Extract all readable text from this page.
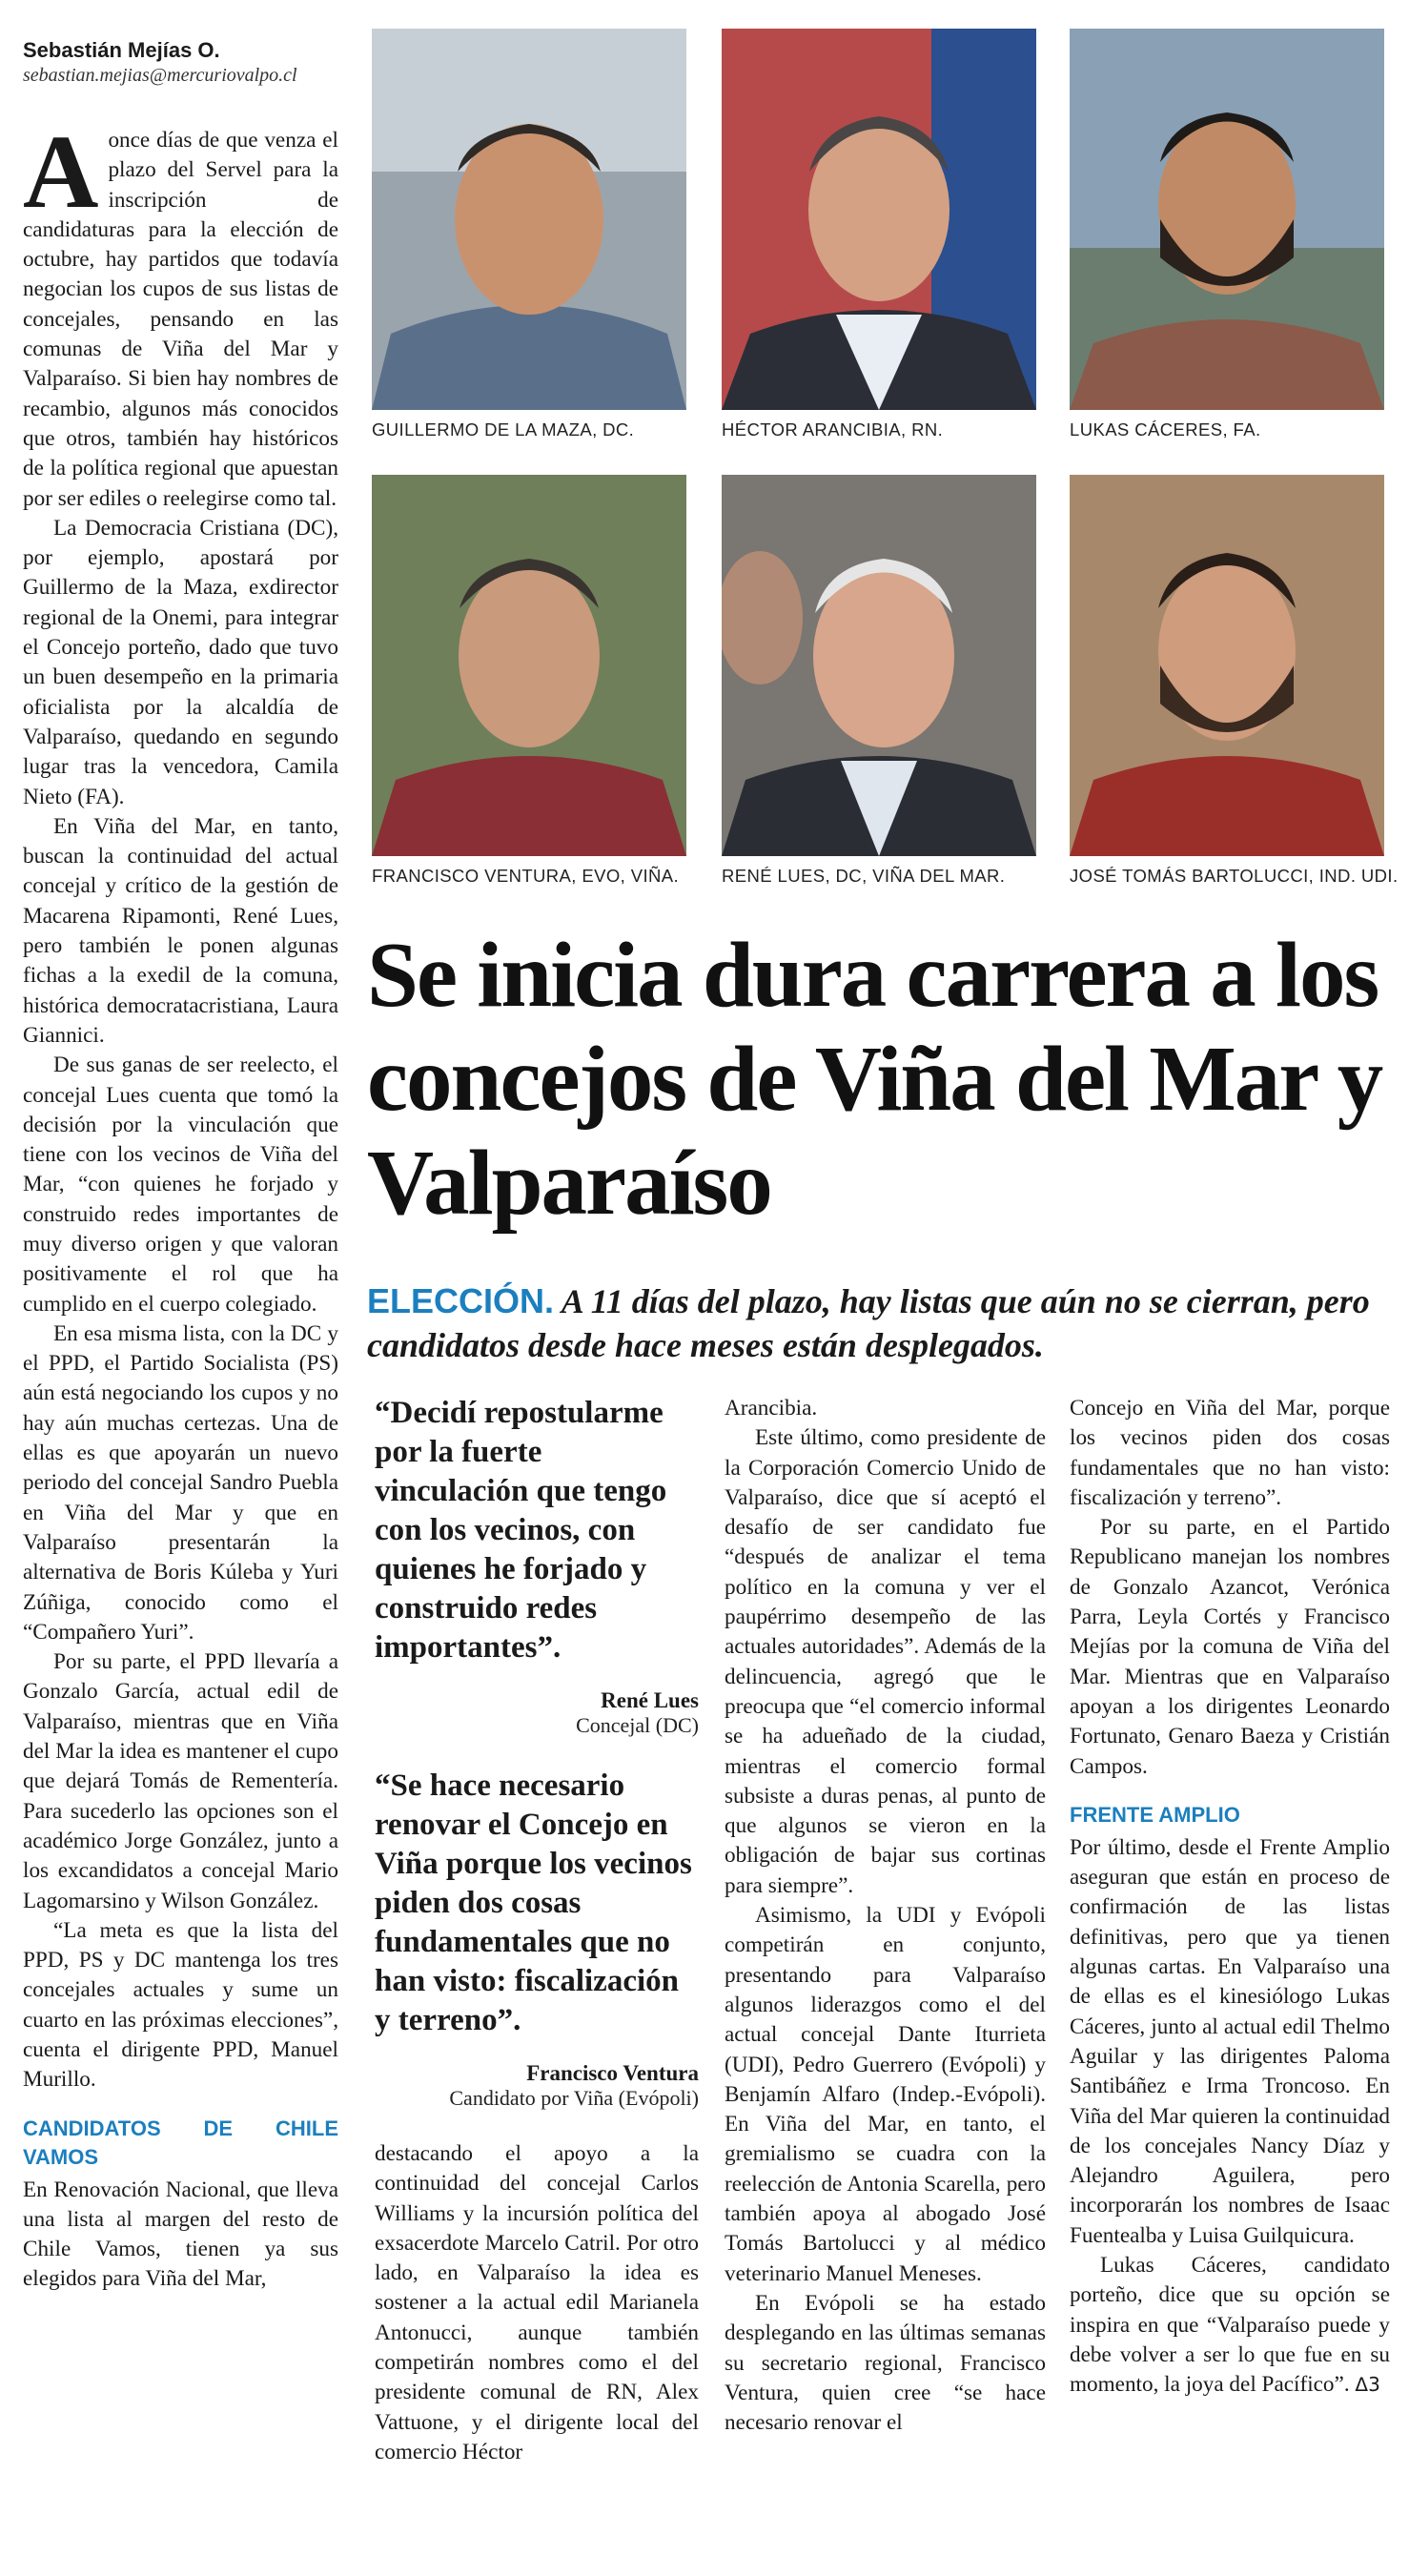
Sebastián Mejías O.
sebastian.mejias@mercuriovalpo.cl

Aonce días de que venza el plazo del Servel para la inscripción de candidaturas para la elección de octubre, hay partidos que todavía negocian los cupos de sus listas de concejales, pensando en las comunas de Viña del Mar y Valparaíso. Si bien hay nombres de recambio, algunos más conocidos que otros, también hay históricos de la política regional que apuestan por ser ediles o reelegirse como tal.

La Democracia Cristiana (DC), por ejemplo, apostará por Guillermo de la Maza, exdirector regional de la Onemi, para integrar el Concejo porteño, dado que tuvo un buen desempeño en la primaria oficialista por la alcaldía de Valparaíso, quedando en segundo lugar tras la vencedora, Camila Nieto (FA).

En Viña del Mar, en tanto, buscan la continuidad del actual concejal y crítico de la gestión de Macarena Ripamonti, René Lues, pero también le ponen algunas fichas a la exedil de la comuna, histórica democratacristiana, Laura Giannici.

De sus ganas de ser reelecto, el concejal Lues cuenta que tomó la decisión por la vinculación que tiene con los vecinos de Viña del Mar, “con quienes he forjado y construido redes importantes de muy diverso origen y que valoran positivamente el rol que ha cumplido en el cuerpo colegiado.

En esa misma lista, con la DC y el PPD, el Partido Socialista (PS) aún está negociando los cupos y no hay aún muchas certezas. Una de ellas es que apoyarán un nuevo periodo del concejal Sandro Puebla en Viña del Mar y que en Valparaíso presentarán la alternativa de Boris Kúleba y Yuri Zúñiga, conocido como el “Compañero Yuri”.

Por su parte, el PPD llevaría a Gonzalo García, actual edil de Valparaíso, mientras que en Viña del Mar la idea es mantener el cupo que dejará Tomás de Rementería. Para sucederlo las opciones son el académico Jorge González, junto a los excandidatos a concejal Mario Lagomarsino y Wilson González.

“La meta es que la lista del PPD, PS y DC mantenga los tres concejales actuales y sume un cuarto en las próximas elecciones”, cuenta el dirigente PPD, Manuel Murillo.

CANDIDATOS DE CHILE VAMOS

En Renovación Nacional, que lleva una lista al margen del resto de Chile Vamos, tienen ya sus elegidos para Viña del Mar,

GUILLERMO DE LA MAZA, DC.	HÉCTOR ARANCIBIA, RN.	LUKAS CÁCERES, FA.
FRANCISCO VENTURA, EVO, VIÑA. RENÉ LUES, DC, VIÑA DEL MAR.	JOSÉ TOMÁS BARTOLUCCI, IND. UDI.
Se inicia dura carrera a los concejos de Viña del Mar y Valparaíso
ELECCIÓN. A 11 días del plazo, hay listas que aún no se cierran, pero candidatos desde hace meses están desplegados.
“Decidí repostularme por la fuerte vinculación que tengo con los vecinos, con quienes he forjado y construido redes importantes”.
René Lues
Concejal (DC)
“Se hace necesario renovar el Concejo en Viña porque los vecinos piden dos cosas fundamentales que no han visto: fiscalización y terreno”.
Francisco Ventura
Candidato por Viña (Evópoli)

destacando el apoyo a la continuidad del concejal Carlos Williams y la incursión política del exsacerdote Marcelo Catril. Por otro lado, en Valparaíso la idea es sostener a la actual edil Marianela Antonucci, aunque también competirán nombres como el del presidente comunal de RN, Alex Vattuone, y el dirigente local del comercio Héctor

Arancibia.

Este último, como presidente de la Corporación Comercio Unido de Valparaíso, dice que sí aceptó el desafío de ser candidato fue “después de analizar el tema político en la comuna y ver el paupérrimo desempeño de las actuales autoridades”. Además de la delincuencia, agregó que le preocupa que “el comercio informal se ha adueñado de la ciudad, mientras el comercio formal subsiste a duras penas, al punto de que algunos se vieron en la obligación de bajar sus cortinas para siempre”.

Asimismo, la UDI y Evópoli competirán en conjunto, presentando para Valparaíso algunos liderazgos como el del actual concejal Dante Iturrieta (UDI), Pedro Guerrero (Evópoli) y Benjamín Alfaro (Indep.-Evópoli). En Viña del Mar, en tanto, el gremialismo se cuadra con la reelección de Antonia Scarella, pero también apoya al abogado José Tomás Bartolucci y al médico veterinario Manuel Meneses.

En Evópoli se ha estado desplegando en las últimas semanas su secretario regional, Francisco Ventura, quien cree “se hace necesario renovar el

Concejo en Viña del Mar, porque los vecinos piden dos cosas fundamentales que no han visto: fiscalización y terreno”.

Por su parte, en el Partido Republicano manejan los nombres de Gonzalo Azancot, Verónica Parra, Leyla Cortés y Francisco Mejías por la comuna de Viña del Mar. Mientras que en Valparaíso apoyan a los dirigentes Leonardo Fortunato, Genaro Baeza y Cristián Campos.

FRENTE AMPLIO

Por último, desde el Frente Amplio aseguran que están en proceso de confirmación de las listas definitivas, pero que ya tienen algunas cartas. En Valparaíso una de ellas es el kinesiólogo Lukas Cáceres, junto al actual edil Thelmo Aguilar y las dirigentes Paloma Santibáñez e Irma Troncoso. En Viña del Mar quieren la continuidad de los concejales Nancy Díaz y Alejandro Aguilera, pero incorporarán los nombres de Isaac Fuentealba y Luisa Guilquicura.

Lukas Cáceres, candidato porteño, dice que su opción se inspira en que “Valparaíso puede y debe volver a ser lo que fue en su momento, la joya del Pacífico”. ᐃ3
